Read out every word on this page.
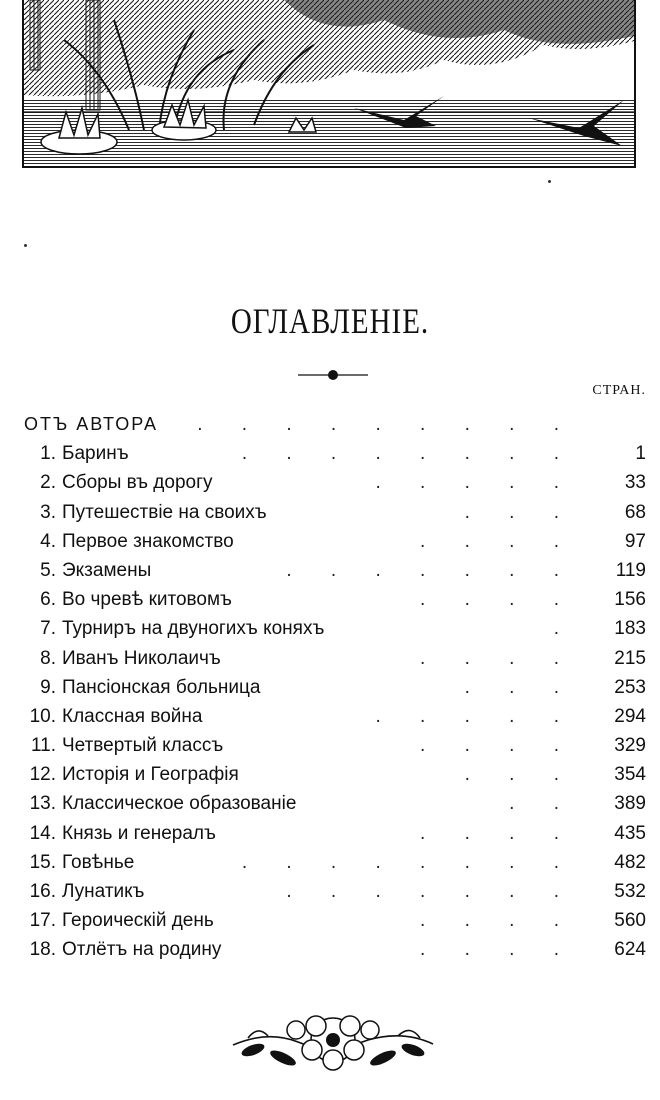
ОГЛАВЛЕНІЕ.
СТРАН.
ОТЪ АВТОРА . . . . . . . . .
1. Баринъ	. . . . . . . .	1
2. Сборы въ дорогу	. . . . .	33
3. Путешествіе на своихъ	. . .	68
4. Первое знакомство	. . . .	97
5. Экзамены	. . . . . . . 119
6. Во чревѣ китовомъ	. . . . 156
7. Турниръ на двуногихъ коняхъ	. 183
8. Иванъ Николаичъ	. . . . 215
9. Пансіонская больница	. . . 253
10. Классная война	. . . . . 294
11. Четвертый классъ	. . . . 329
12. Исторія и Географія	. . . 354
13. Классическое образованіе	. . 389
14. Князь и генералъ	. . . . 435
15. Говѣнье	. . . . . . . . 482
16. Лунатикъ	. . . . . . . 532
17. Героическій день	. . . . 560
18. Отлётъ на родину	. . . . 624
